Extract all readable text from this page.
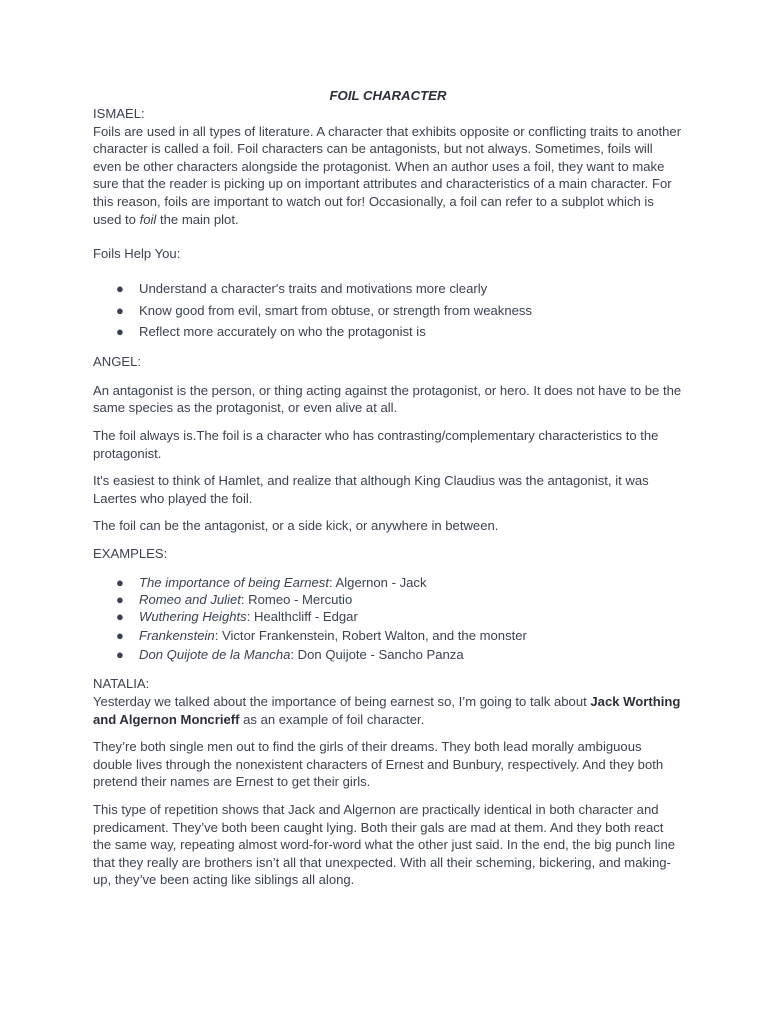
FOIL CHARACTER

ISMAEL:

Foils are used in all types of literature. A character that exhibits opposite or conflicting traits to another character is called a foil. Foil characters can be antagonists, but not always. Sometimes, foils will even be other characters alongside the protagonist. When an author uses a foil, they want to make sure that the reader is picking up on important attributes and characteristics of a main character. For this reason, foils are important to watch out for! Occasionally, a foil can refer to a subplot which is used to foil the main plot.

Foils Help You:

● Understand a character's traits and motivations more clearly
● Know good from evil, smart from obtuse, or strength from weakness
● Reflect more accurately on who the protagonist is

ANGEL:

An antagonist is the person, or thing acting against the protagonist, or hero. It does not have to be the same species as the protagonist, or even alive at all.

The foil always is.The foil is a character who has contrasting/complementary characteristics to the protagonist.

It's easiest to think of Hamlet, and realize that although King Claudius was the antagonist, it was Laertes who played the foil.

The foil can be the antagonist, or a side kick, or anywhere in between.

EXAMPLES:

● The importance of being Earnest: Algernon - Jack
● Romeo and Juliet: Romeo - Mercutio
● Wuthering Heights: Healthcliff - Edgar
● Frankenstein: Victor Frankenstein, Robert Walton, and the monster
● Don Quijote de la Mancha: Don Quijote - Sancho Panza

NATALIA:

Yesterday we talked about the importance of being earnest so, I’m going to talk about Jack Worthing and Algernon Moncrieff as an example of foil character.

They’re both single men out to find the girls of their dreams. They both lead morally ambiguous double lives through the nonexistent characters of Ernest and Bunbury, respectively. And they both pretend their names are Ernest to get their girls.

This type of repetition shows that Jack and Algernon are practically identical in both character and predicament. They’ve both been caught lying. Both their gals are mad at them. And they both react the same way, repeating almost word-for-word what the other just said. In the end, the big punch line that they really are brothers isn’t all that unexpected. With all their scheming, bickering, and making-up, they’ve been acting like siblings all along.
